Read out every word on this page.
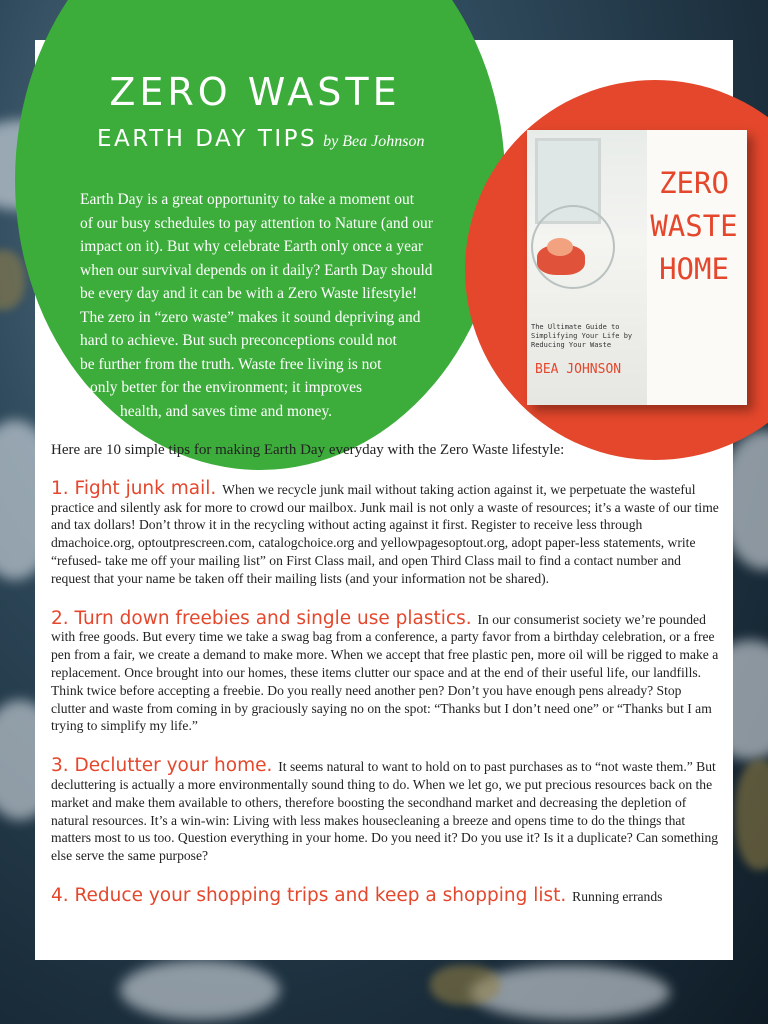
ZERO WASTE
EARTH DAY TIPS by Bea Johnson
Earth Day is a great opportunity to take a moment out
of our busy schedules to pay attention to Nature (and our
impact on it). But why celebrate Earth only once a year
when our survival depends on it daily? Earth Day should
be every day and it can be with a Zero Waste lifestyle!
The zero in “zero waste” makes it sound depriving and
hard to achieve. But such preconceptions could not
be further from the truth. Waste free living is not
only better for the environment; it improves
health, and saves time and money.
ZERO
WASTE
HOME
The Ultimate Guide to Simplifying Your Life by Reducing Your Waste
BEA JOHNSON

Here are 10 simple tips for making Earth Day everyday with the Zero Waste lifestyle:

1. Fight junk mail. When we recycle junk mail without taking action against it, we perpetuate the wasteful practice and silently ask for more to crowd our mailbox. Junk mail is not only a waste of resources; it’s a waste of our time and tax dollars! Don’t throw it in the recycling without acting against it first. Register to receive less through dmachoice.org, optoutprescreen.com, catalogchoice.org and yellowpagesoptout.org, adopt paper-less statements, write “refused- take me off your mailing list” on First Class mail, and open Third Class mail to find a contact number and request that your name be taken off their mailing lists (and your information not be shared).

2. Turn down freebies and single use plastics. In our consumerist society we’re pounded with free goods. But every time we take a swag bag from a conference, a party favor from a birthday celebration, or a free pen from a fair, we create a demand to make more. When we accept that free plastic pen, more oil will be rigged to make a replacement. Once brought into our homes, these items clutter our space and at the end of their useful life, our landfills. Think twice before accepting a freebie. Do you really need another pen? Don’t you have enough pens already? Stop clutter and waste from coming in by graciously saying no on the spot: “Thanks but I don’t need one” or “Thanks but I am trying to simplify my life.”

3. Declutter your home. It seems natural to want to hold on to past purchases as to “not waste them.” But decluttering is actually a more environmentally sound thing to do. When we let go, we put precious resources back on the market and make them available to others, therefore boosting the secondhand market and decreasing the depletion of natural resources. It’s a win-win: Living with less makes housecleaning a breeze and opens time to do the things that matters most to us too. Question everything in your home. Do you need it? Do you use it? Is it a duplicate? Can something else serve the same purpose?

4. Reduce your shopping trips and keep a shopping list. Running errands
